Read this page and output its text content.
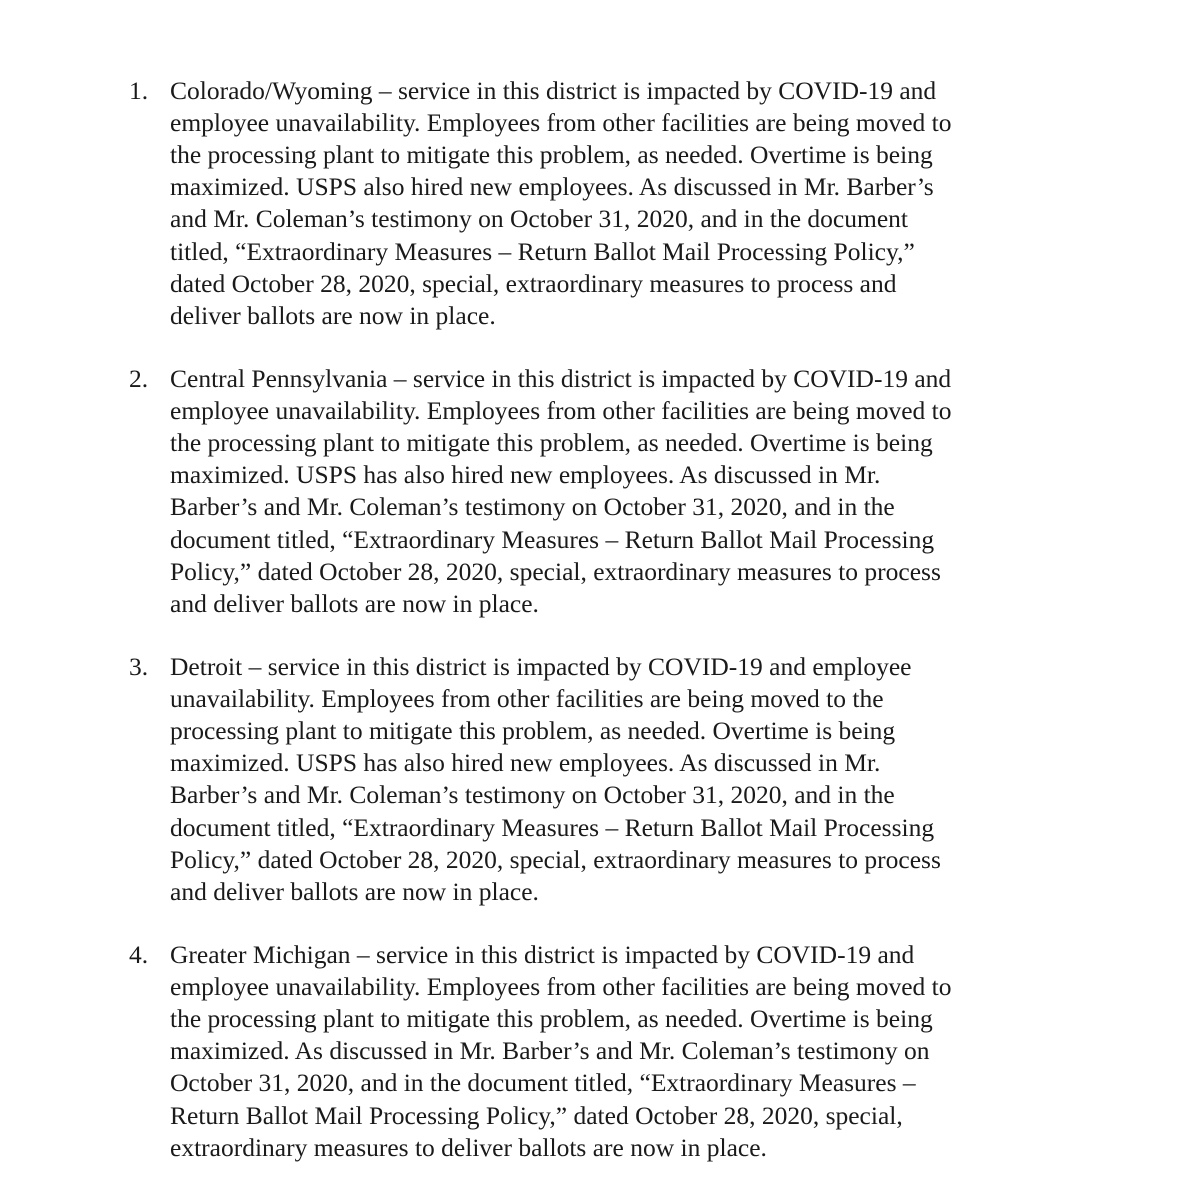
1. Colorado/Wyoming – service in this district is impacted by COVID-19 and
employee unavailability. Employees from other facilities are being moved to
the processing plant to mitigate this problem, as needed. Overtime is being
maximized. USPS also hired new employees. As discussed in Mr. Barber’s
and Mr. Coleman’s testimony on October 31, 2020, and in the document
titled, “Extraordinary Measures – Return Ballot Mail Processing Policy,”
dated October 28, 2020, special, extraordinary measures to process and
deliver ballots are now in place.
2. Central Pennsylvania – service in this district is impacted by COVID-19 and
employee unavailability. Employees from other facilities are being moved to
the processing plant to mitigate this problem, as needed. Overtime is being
maximized. USPS has also hired new employees. As discussed in Mr.
Barber’s and Mr. Coleman’s testimony on October 31, 2020, and in the
document titled, “Extraordinary Measures – Return Ballot Mail Processing
Policy,” dated October 28, 2020, special, extraordinary measures to process
and deliver ballots are now in place.
3. Detroit – service in this district is impacted by COVID-19 and employee
unavailability. Employees from other facilities are being moved to the
processing plant to mitigate this problem, as needed. Overtime is being
maximized. USPS has also hired new employees. As discussed in Mr.
Barber’s and Mr. Coleman’s testimony on October 31, 2020, and in the
document titled, “Extraordinary Measures – Return Ballot Mail Processing
Policy,” dated October 28, 2020, special, extraordinary measures to process
and deliver ballots are now in place.
4. Greater Michigan – service in this district is impacted by COVID-19 and
employee unavailability. Employees from other facilities are being moved to
the processing plant to mitigate this problem, as needed. Overtime is being
maximized. As discussed in Mr. Barber’s and Mr. Coleman’s testimony on
October 31, 2020, and in the document titled, “Extraordinary Measures –
Return Ballot Mail Processing Policy,” dated October 28, 2020, special,
extraordinary measures to deliver ballots are now in place.
